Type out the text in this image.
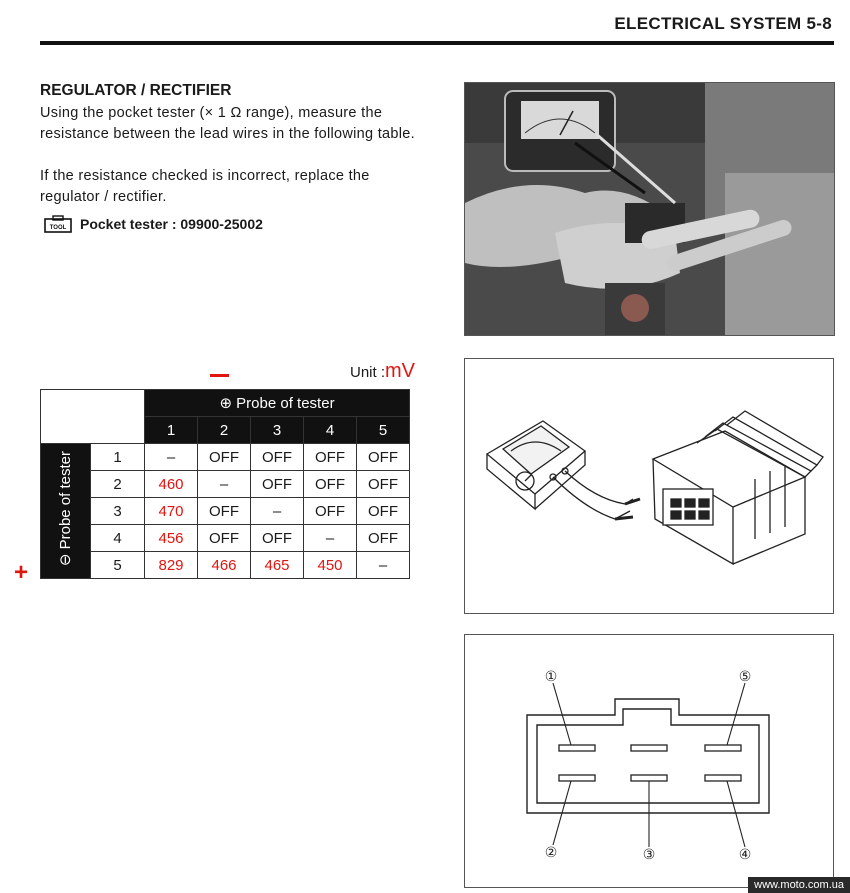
ELECTRICAL SYSTEM 5-8
REGULATOR / RECTIFIER
Using the pocket tester (× 1 Ω range), measure the resistance between the lead wires in the following table.
If the resistance checked is incorrect, replace the regulator / rectifier.
TOOL Pocket tester : 09900-25002
Unit :mV
+
		⊕ Probe of tester				
		1	2	3	4	5
⊖ Probe of tester	1	–	OFF	OFF	OFF	OFF
	2	460	–	OFF	OFF	OFF
	3	470	OFF	–	OFF	OFF
	4	456	OFF	OFF	–	OFF
	5	829	466	465	450	–
①
②	③	④
⑤
www.moto.com.ua
